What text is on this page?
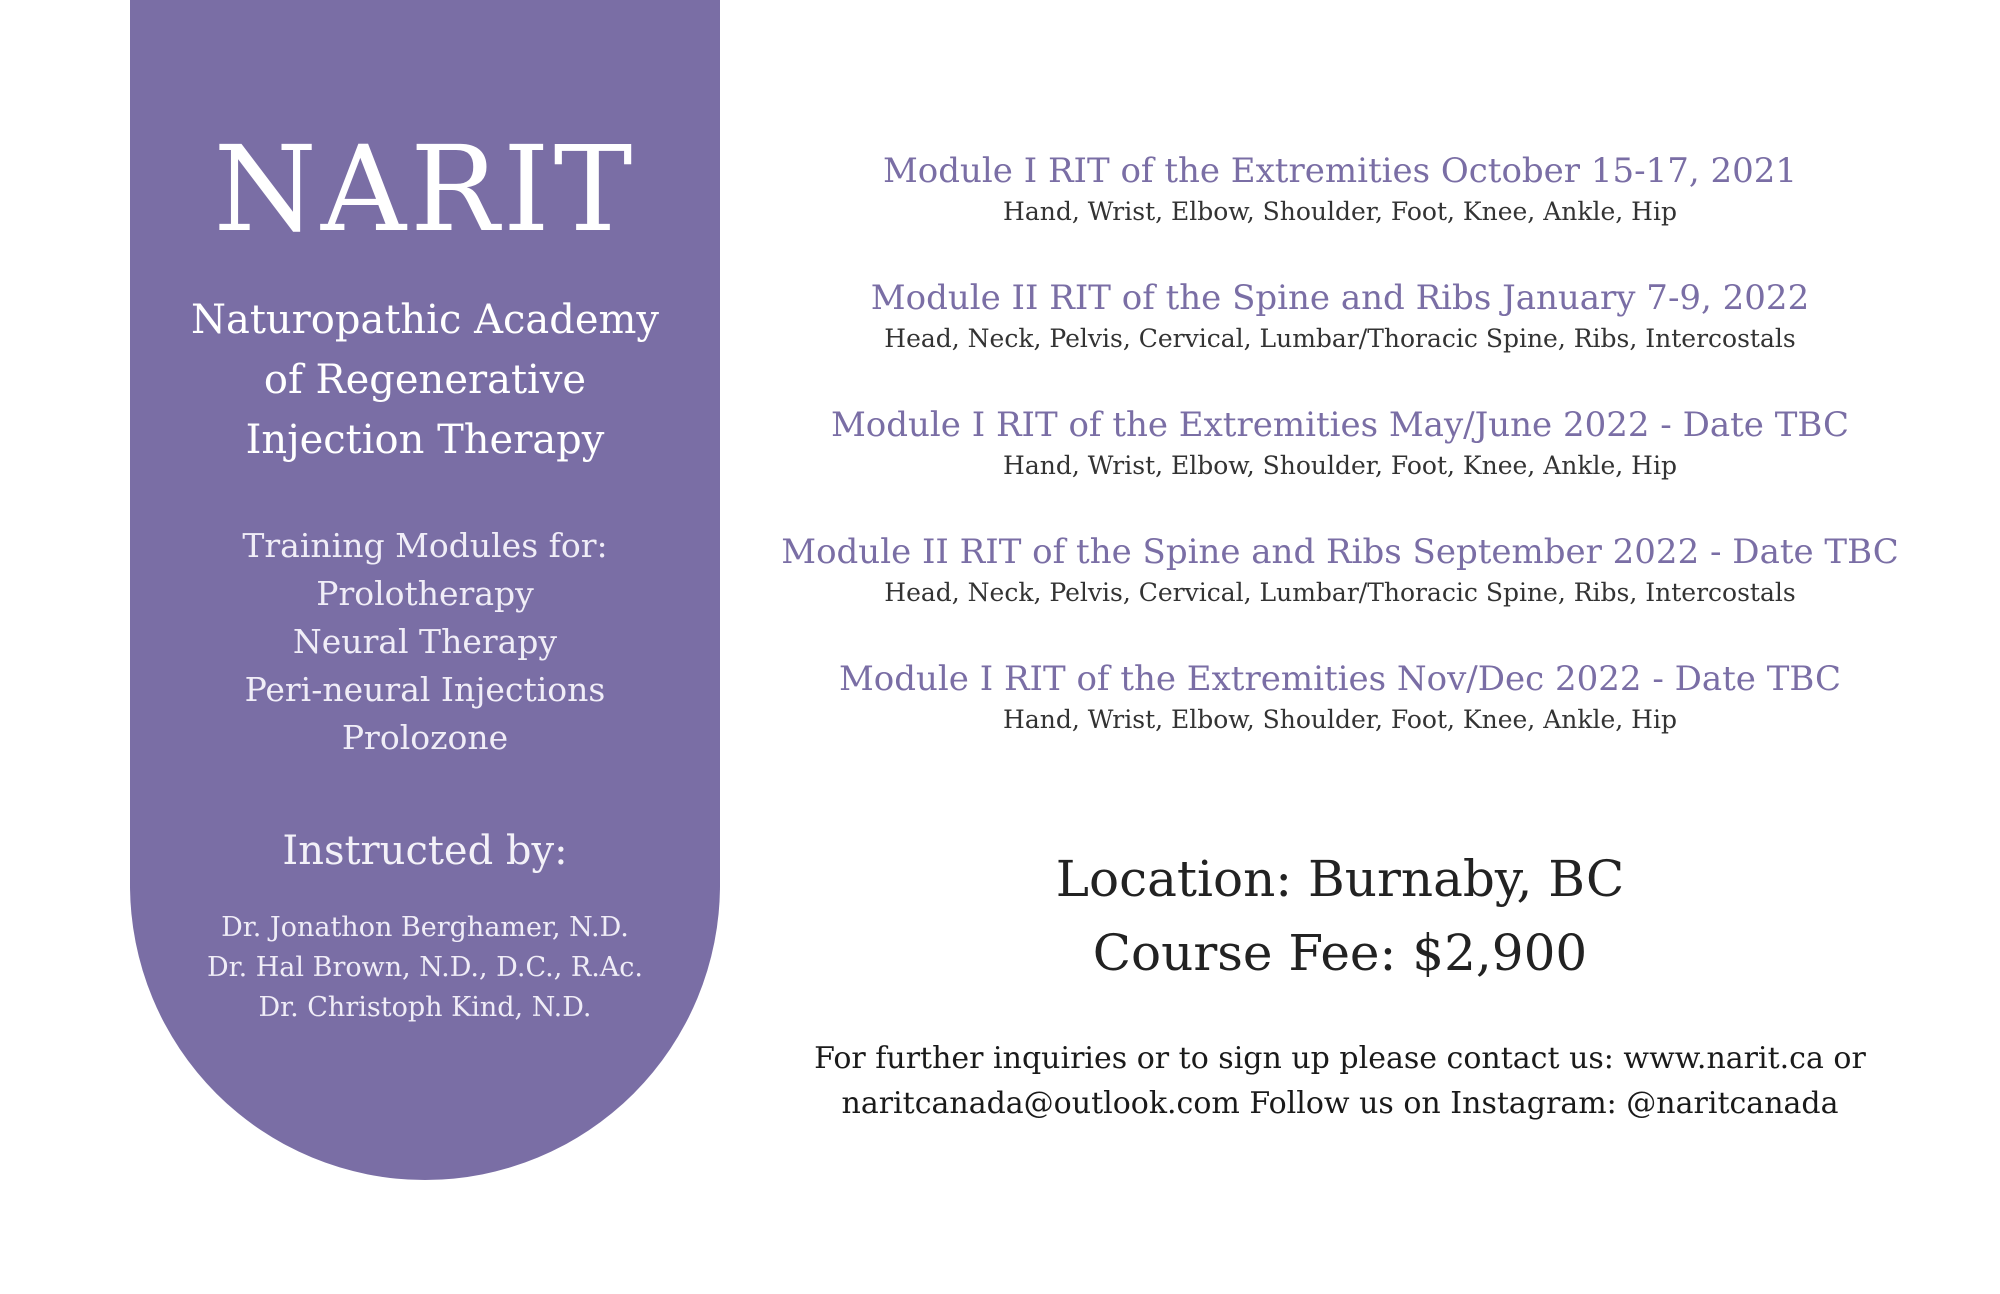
NARIT
Naturopathic Academy
of Regenerative
Injection Therapy
Training Modules for:
Prolotherapy
Neural Therapy
Peri-neural Injections
Prolozone
Instructed by:
Dr. Jonathon Berghamer, N.D.
Dr. Hal Brown, N.D., D.C., R.Ac.
Dr. Christoph Kind, N.D.
Module I RIT of the Extremities October 15-17, 2021
Hand, Wrist, Elbow, Shoulder, Foot, Knee, Ankle, Hip
Module II RIT of the Spine and Ribs January 7-9, 2022
Head, Neck, Pelvis, Cervical, Lumbar/Thoracic Spine, Ribs, Intercostals
Module I RIT of the Extremities May/June 2022 - Date TBC
Hand, Wrist, Elbow, Shoulder, Foot, Knee, Ankle, Hip
Module II RIT of the Spine and Ribs September 2022 - Date TBC
Head, Neck, Pelvis, Cervical, Lumbar/Thoracic Spine, Ribs, Intercostals
Module I RIT of the Extremities Nov/Dec 2022 - Date TBC
Hand, Wrist, Elbow, Shoulder, Foot, Knee, Ankle, Hip
Location: Burnaby, BC
Course Fee: $2,900
For further inquiries or to sign up please contact us: www.narit.ca or
naritcanada@outlook.com Follow us on Instagram: @naritcanada
